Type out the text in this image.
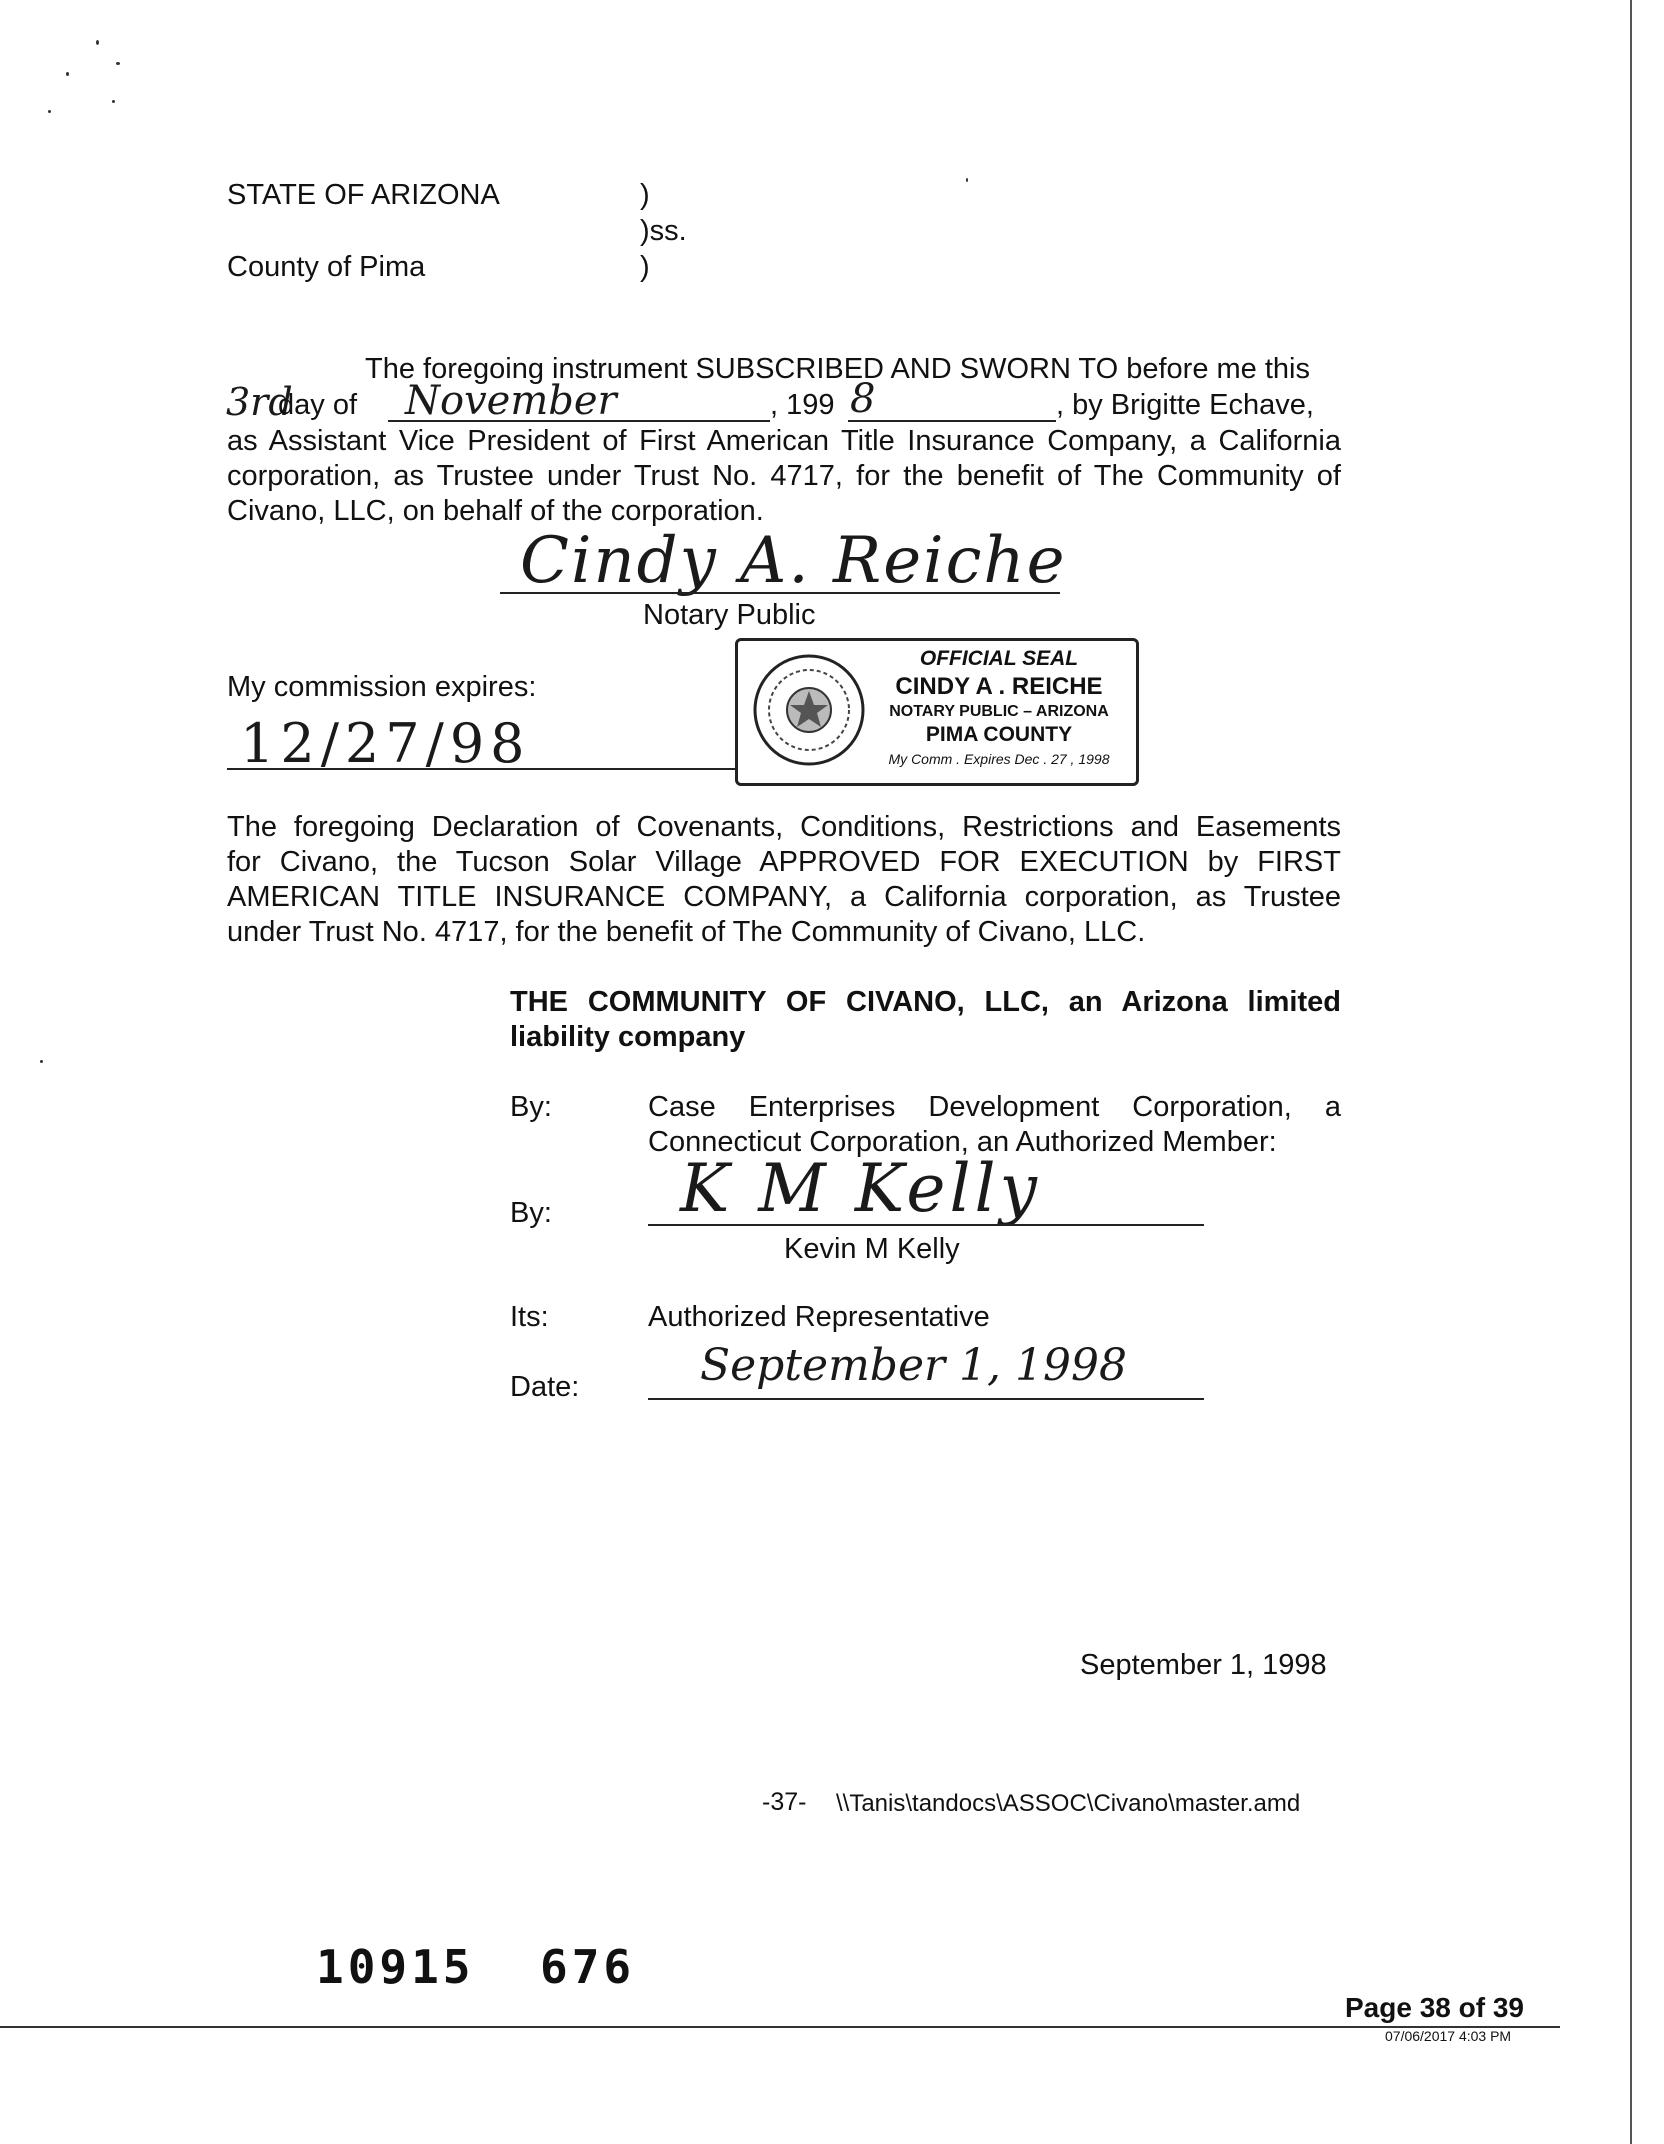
STATE OF ARIZONA	)
)ss.
County of Pima	)
The foregoing instrument SUBSCRIBED AND SWORN TO before me this
3rd
day of November	, 199 8	, by Brigitte Echave,
as Assistant Vice President of First American Title Insurance Company, a California
corporation, as Trustee under Trust No. 4717, for the benefit of The Community of
Civano, LLC, on behalf of the corporation.
Cindy A. Reiche
Notary Public
My commission expires:
12/27/98
OFFICIAL SEAL
CINDY A . REICHE
NOTARY PUBLIC – ARIZONA
PIMA COUNTY
My Comm . Expires Dec . 27 , 1998
The foregoing Declaration of Covenants, Conditions, Restrictions and Easements
for Civano, the Tucson Solar Village APPROVED FOR EXECUTION by FIRST
AMERICAN TITLE INSURANCE COMPANY, a California corporation, as Trustee
under Trust No. 4717, for the benefit of The Community of Civano, LLC.
THE COMMUNITY OF CIVANO, LLC, an Arizona limited
liability company
By:	Case Enterprises Development Corporation, a
Connecticut Corporation, an Authorized Member:
By: K M Kelly
Kevin M Kelly
Its:	Authorized Representative
Date:	September 1, 1998
September 1, 1998
-37- \\Tanis\tandocs\ASSOC\Civano\master.amd
10915 676
Page 38 of 39
07/06/2017 4:03 PM
